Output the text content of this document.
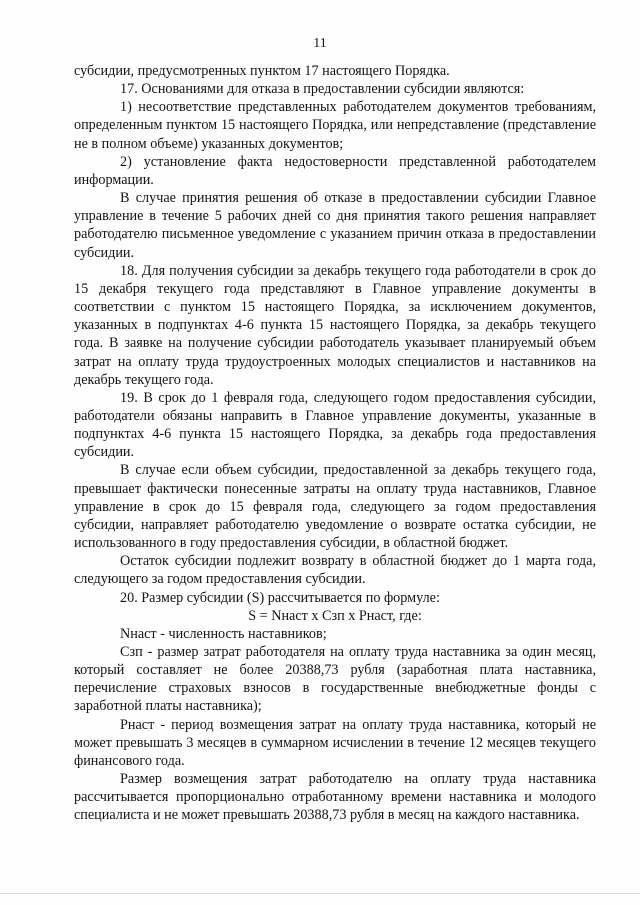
11

субсидии, предусмотренных пунктом 17 настоящего Порядка.

17. Основаниями для отказа в предоставлении субсидии являются:

1) несоответствие представленных работодателем документов требованиям, определенным пунктом 15 настоящего Порядка, или непредставление (представление не в полном объеме) указанных документов;

2) установление факта недостоверности представленной работодателем информации.

В случае принятия решения об отказе в предоставлении субсидии Главное управление в течение 5 рабочих дней со дня принятия такого решения направляет работодателю письменное уведомление с указанием причин отказа в предоставлении субсидии.

18. Для получения субсидии за декабрь текущего года работодатели в срок до 15 декабря текущего года представляют в Главное управление документы в соответствии с пунктом 15 настоящего Порядка, за исключением документов, указанных в подпунктах 4-6 пункта 15 настоящего Порядка, за декабрь текущего года. В заявке на получение субсидии работодатель указывает планируемый объем затрат на оплату труда трудоустроенных молодых специалистов и наставников на декабрь текущего года.

19. В срок до 1 февраля года, следующего годом предоставления субсидии, работодатели обязаны направить в Главное управление документы, указанные в подпунктах 4-6 пункта 15 настоящего Порядка, за декабрь года предоставления субсидии.

В случае если объем субсидии, предоставленной за декабрь текущего года, превышает фактически понесенные затраты на оплату труда наставников, Главное управление в срок до 15 февраля года, следующего за годом предоставления субсидии, направляет работодателю уведомление о возврате остатка субсидии, не использованного в году предоставления субсидии, в областной бюджет.

Остаток субсидии подлежит возврату в областной бюджет до 1 марта года, следующего за годом предоставления субсидии.

20. Размер субсидии (S) рассчитывается по формуле:

S = Nнаст x Сзп x Рнаст, где:

Nнаст - численность наставников;

Сзп - размер затрат работодателя на оплату труда наставника за один месяц, который составляет не более 20388,73 рубля (заработная плата наставника, перечисление страховых взносов в государственные внебюджетные фонды с заработной платы наставника);

Рнаст - период возмещения затрат на оплату труда наставника, который не может превышать 3 месяцев в суммарном исчислении в течение 12 месяцев текущего финансового года.

Размер возмещения затрат работодателю на оплату труда наставника рассчитывается пропорционально отработанному времени наставника и молодого специалиста и не может превышать 20388,73 рубля в месяц на каждого наставника.
